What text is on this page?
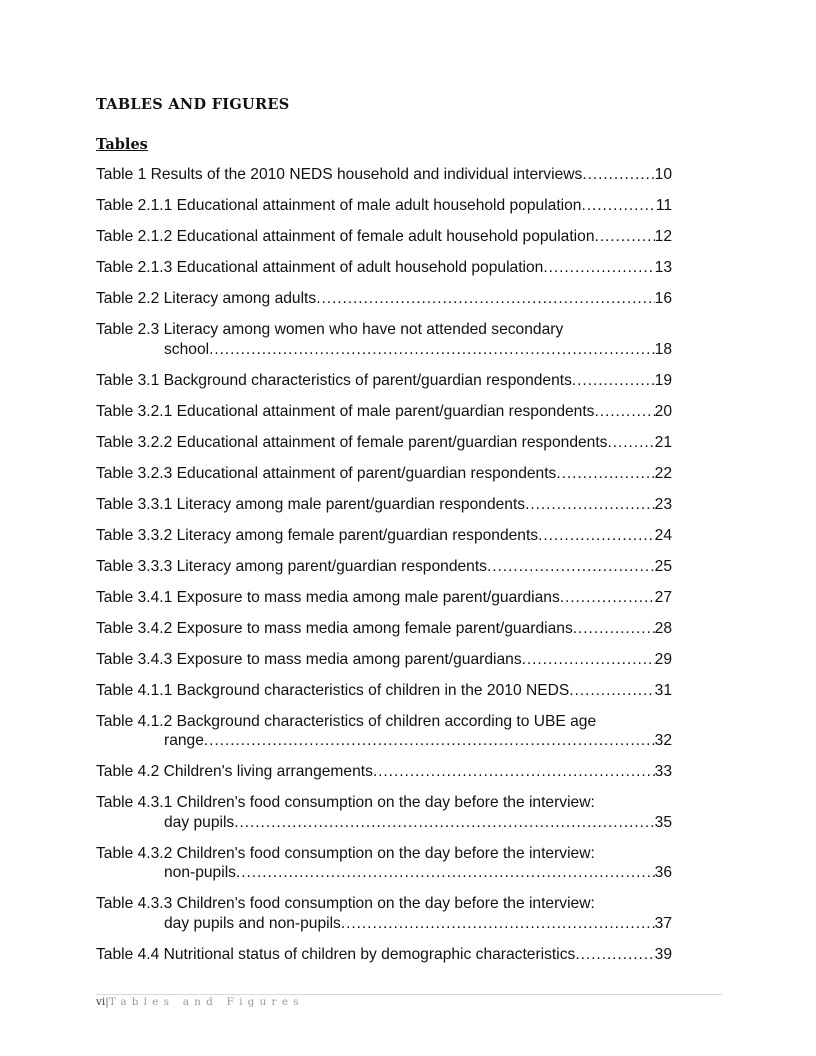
TABLES AND FIGURES
Tables
Table 1 Results of the 2010 NEDS household and individual interviews . . .	10
Table 2.1.1 Educational attainment of male adult household population . . .	11
Table 2.1.2 Educational attainment of female adult household population . . .	12
Table 2.1.3 Educational attainment of adult household population . . .	13
Table 2.2 Literacy among adults . . .	16
Table 2.3 Literacy among women who have not attended secondary
school . . .	18
Table 3.1 Background characteristics of parent/guardian respondents . . .	19
Table 3.2.1 Educational attainment of male parent/guardian respondents . . .	20
Table 3.2.2 Educational attainment of female parent/guardian respondents . . .	21
Table 3.2.3 Educational attainment of parent/guardian respondents . . .	22
Table 3.3.1 Literacy among male parent/guardian respondents . . .	23
Table 3.3.2 Literacy among female parent/guardian respondents . . .	24
Table 3.3.3 Literacy among parent/guardian respondents . . .	25
Table 3.4.1 Exposure to mass media among male parent/guardians . . .	27
Table 3.4.2 Exposure to mass media among female parent/guardians . . .	28
Table 3.4.3 Exposure to mass media among parent/guardians . . .	29
Table 4.1.1 Background characteristics of children in the 2010 NEDS . . .	31
Table 4.1.2 Background characteristics of children according to UBE age
range . . .	32
Table 4.2 Children's living arrangements . . .	33
Table 4.3.1 Children's food consumption on the day before the interview:
day pupils . . .	35
Table 4.3.2 Children's food consumption on the day before the interview:
non-pupils . . .	36
Table 4.3.3 Children's food consumption on the day before the interview:
day pupils and non-pupils . . .	37
Table 4.4 Nutritional status of children by demographic characteristics . . .	39
vi|Tables and Figures
